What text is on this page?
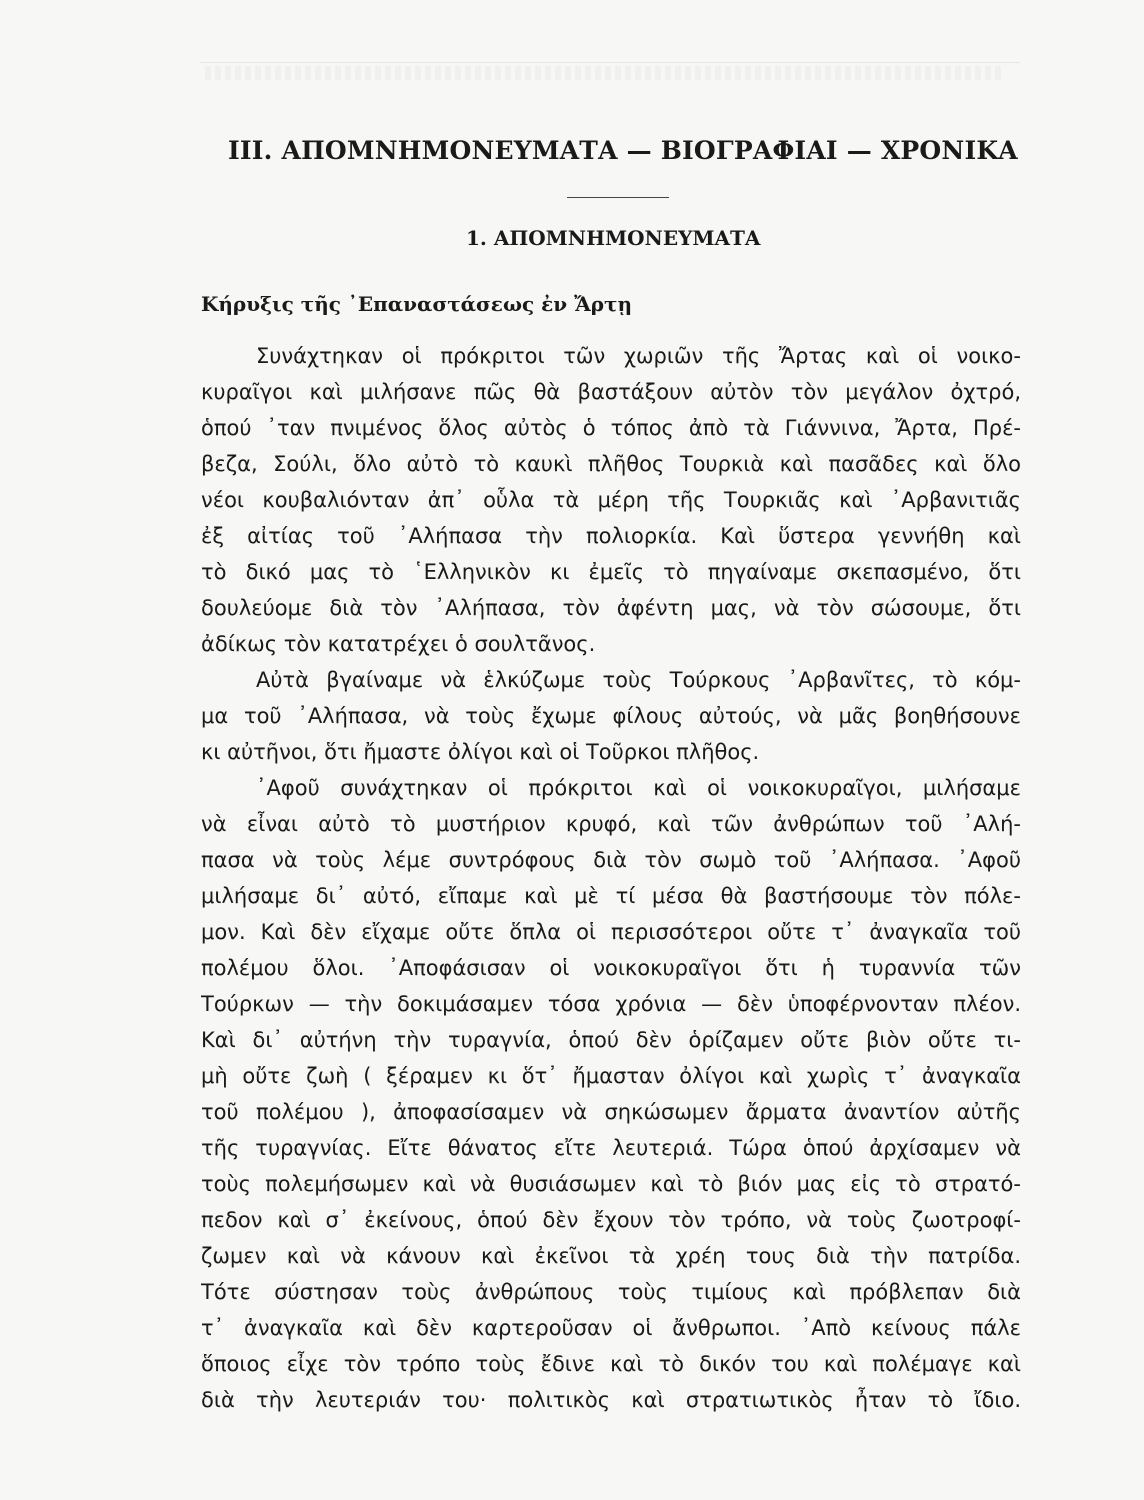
III. ΑΠΟΜΝΗΜΟΝΕΥΜΑΤΑ — ΒΙΟΓΡΑΦΙΑΙ — ΧΡΟΝΙΚΑ
1. ΑΠΟΜΝΗΜΟΝΕΥΜΑΤΑ
Κήρυξις τῆς ᾿Επαναστάσεως ἐν Ἄρτῃ
Συνάχτηκαν οἱ πρόκριτοι τῶν χωριῶν τῆς Ἄρτας καὶ οἱ νοικο-
κυραῖγοι καὶ μιλήσανε πῶς θὰ βαστάξουν αὐτὸν τὸν μεγάλον ὀχτρό,
ὁπού ᾿ταν πνιμένος ὅλος αὐτὸς ὁ τόπος ἀπὸ τὰ Γιάννινα, Ἄρτα, Πρέ-
βεζα, Σούλι, ὅλο αὐτὸ τὸ καυκὶ πλῆθος Τουρκιὰ καὶ πασᾶδες καὶ ὅλο
νέοι κουβαλιόνταν ἀπ᾿ οὗλα τὰ μέρη τῆς Τουρκιᾶς καὶ ᾿Αρβανιτιᾶς
ἐξ αἰτίας τοῦ ᾿Αλήπασα τὴν πολιορκία. Καὶ ὕστερα γεννήθη καὶ
τὸ δικό μας τὸ ῾Ελληνικὸν κι ἐμεῖς τὸ πηγαίναμε σκεπασμένο, ὅτι
δουλεύομε διὰ τὸν ᾿Αλήπασα, τὸν ἀφέντη μας, νὰ τὸν σώσουμε, ὅτι
ἀδίκως τὸν κατατρέχει ὁ σουλτᾶνος.
Αὐτὰ βγαίναμε νὰ ἑλκύζωμε τοὺς Τούρκους ᾿Αρβανῖτες, τὸ κόμ-
μα τοῦ ᾿Αλήπασα, νὰ τοὺς ἔχωμε φίλους αὐτούς, νὰ μᾶς βοηθήσουνε
κι αὐτῆνοι, ὅτι ἤμαστε ὀλίγοι καὶ οἱ Τοῦρκοι πλῆθος.
᾿Αφοῦ συνάχτηκαν οἱ πρόκριτοι καὶ οἱ νοικοκυραῖγοι, μιλήσαμε
νὰ εἶναι αὐτὸ τὸ μυστήριον κρυφό, καὶ τῶν ἀνθρώπων τοῦ ᾿Αλή-
πασα νὰ τοὺς λέμε συντρόφους διὰ τὸν σωμὸ τοῦ ᾿Αλήπασα. ᾿Αφοῦ
μιλήσαμε δι᾿ αὐτό, εἴπαμε καὶ μὲ τί μέσα θὰ βαστήσουμε τὸν πόλε-
μον. Καὶ δὲν εἴχαμε οὔτε ὅπλα οἱ περισσότεροι οὔτε τ᾿ ἀναγκαῖα τοῦ
πολέμου ὅλοι. ᾿Αποφάσισαν οἱ νοικοκυραῖγοι ὅτι ἡ τυραννία τῶν
Τούρκων — τὴν δοκιμάσαμεν τόσα χρόνια — δὲν ὑποφέρνονταν πλέον.
Καὶ δι᾿ αὐτήνη τὴν τυραγνία, ὁπού δὲν ὁρίζαμεν οὔτε βιὸν οὔτε τι-
μὴ οὔτε ζωὴ ( ξέραμεν κι ὅτ᾿ ἤμασταν ὀλίγοι καὶ χωρὶς τ᾿ ἀναγκαῖα
τοῦ πολέμου ), ἀποφασίσαμεν νὰ σηκώσωμεν ἄρματα ἀναντίον αὐτῆς
τῆς τυραγνίας. Εἴτε θάνατος εἴτε λευτεριά. Τώρα ὁπού ἀρχίσαμεν νὰ
τοὺς πολεμήσωμεν καὶ νὰ θυσιάσωμεν καὶ τὸ βιόν μας εἰς τὸ στρατό-
πεδον καὶ σ᾿ ἐκείνους, ὁπού δὲν ἔχουν τὸν τρόπο, νὰ τοὺς ζωοτροφί-
ζωμεν καὶ νὰ κάνουν καὶ ἐκεῖνοι τὰ χρέη τους διὰ τὴν πατρίδα.
Τότε σύστησαν τοὺς ἀνθρώπους τοὺς τιμίους καὶ πρόβλεπαν διὰ
τ᾿ ἀναγκαῖα καὶ δὲν καρτεροῦσαν οἱ ἄνθρωποι. ᾿Απὸ κείνους πάλε
ὅποιος εἶχε τὸν τρόπο τοὺς ἔδινε καὶ τὸ δικόν του καὶ πολέμαγε καὶ
διὰ τὴν λευτεριάν του· πολιτικὸς καὶ στρατιωτικὸς ἦταν τὸ ἴδιο.
